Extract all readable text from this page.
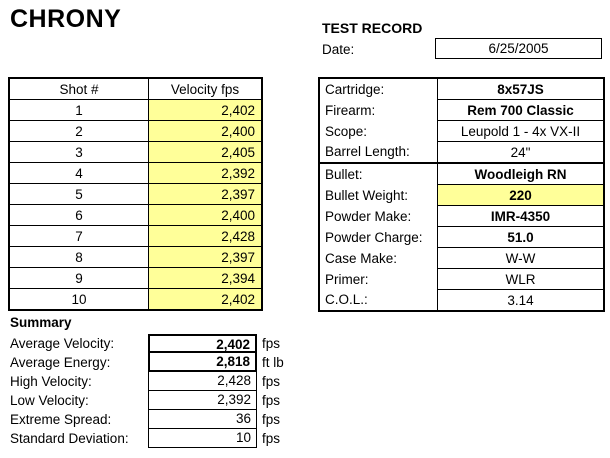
CHRONY	TEST RECORD
Date:	6/25/2005
Shot #	Velocity fps
1	2,402
2	2,400
3	2,405
4	2,392
5	2,397
6	2,400
7	2,428
8	2,397
9	2,394
10	2,402
Cartridge:	8x57JS
Firearm:	Rem 700 Classic
Scope:	Leupold 1 - 4x VX-II
Barrel Length:	24"
Bullet:	Woodleigh RN
Bullet Weight:	220
Powder Make:	IMR-4350
Powder Charge:	51.0
Case Make:	W-W
Primer:	WLR
C.O.L.:	3.14
Summary
Average Velocity:	2,402 fps
Average Energy:	2,818 ft lb
High Velocity:	2,428 fps
Low Velocity:	2,392 fps
Extreme Spread:	36 fps
Standard Deviation:	10 fps
